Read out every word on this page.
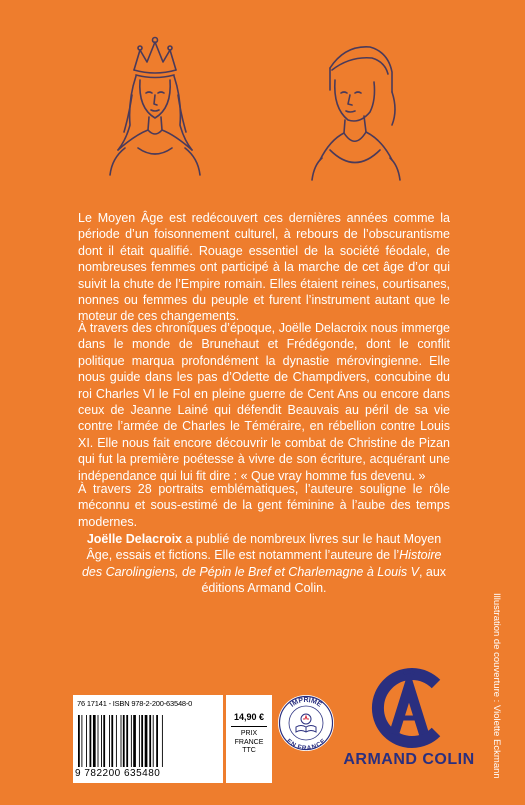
Le Moyen Âge est redécouvert ces dernières années comme la période d’un foisonnement culturel, à rebours de l’obscurantisme dont il était qualifié. Rouage essentiel de la société féodale, de nombreuses femmes ont participé à la marche de cet âge d’or qui suivit la chute de l’Empire romain. Elles étaient reines, courtisanes, nonnes ou femmes du peuple et furent l’instrument autant que le moteur de ces changements.
À travers des chroniques d’époque, Joëlle Delacroix nous immerge dans le monde de Brunehaut et Frédégonde, dont le conflit politique marqua profondément la dynastie mérovingienne. Elle nous guide dans les pas d’Odette de Champdivers, concubine du roi Charles VI le Fol en pleine guerre de Cent Ans ou encore dans ceux de Jeanne Lainé qui défendit Beauvais au péril de sa vie contre l’armée de Charles le Téméraire, en rébellion contre Louis XI. Elle nous fait encore découvrir le combat de Christine de Pizan qui fut la première poétesse à vivre de son écriture, acquérant une indépendance qui lui fit dire : « Que vray homme fus devenu. »
À travers 28 portraits emblématiques, l’auteure souligne le rôle méconnu et sous-estimé de la gent féminine à l’aube des temps modernes.
Joëlle Delacroix a publié de nombreux livres sur le haut Moyen Âge, essais et fictions. Elle est notamment l’auteure de l’Histoire des Carolingiens, de Pépin le Bref et Charlemagne à Louis V, aux éditions Armand Colin.
Illustration de couverture : Violette Eckmann
76 17141 - ISBN 978-2-200-63548-0
9 782200 635480
14,90 €
PRIX
FRANCE
TTC
IMPRIMÉ
EN FRANCE
ARMAND COLIN
